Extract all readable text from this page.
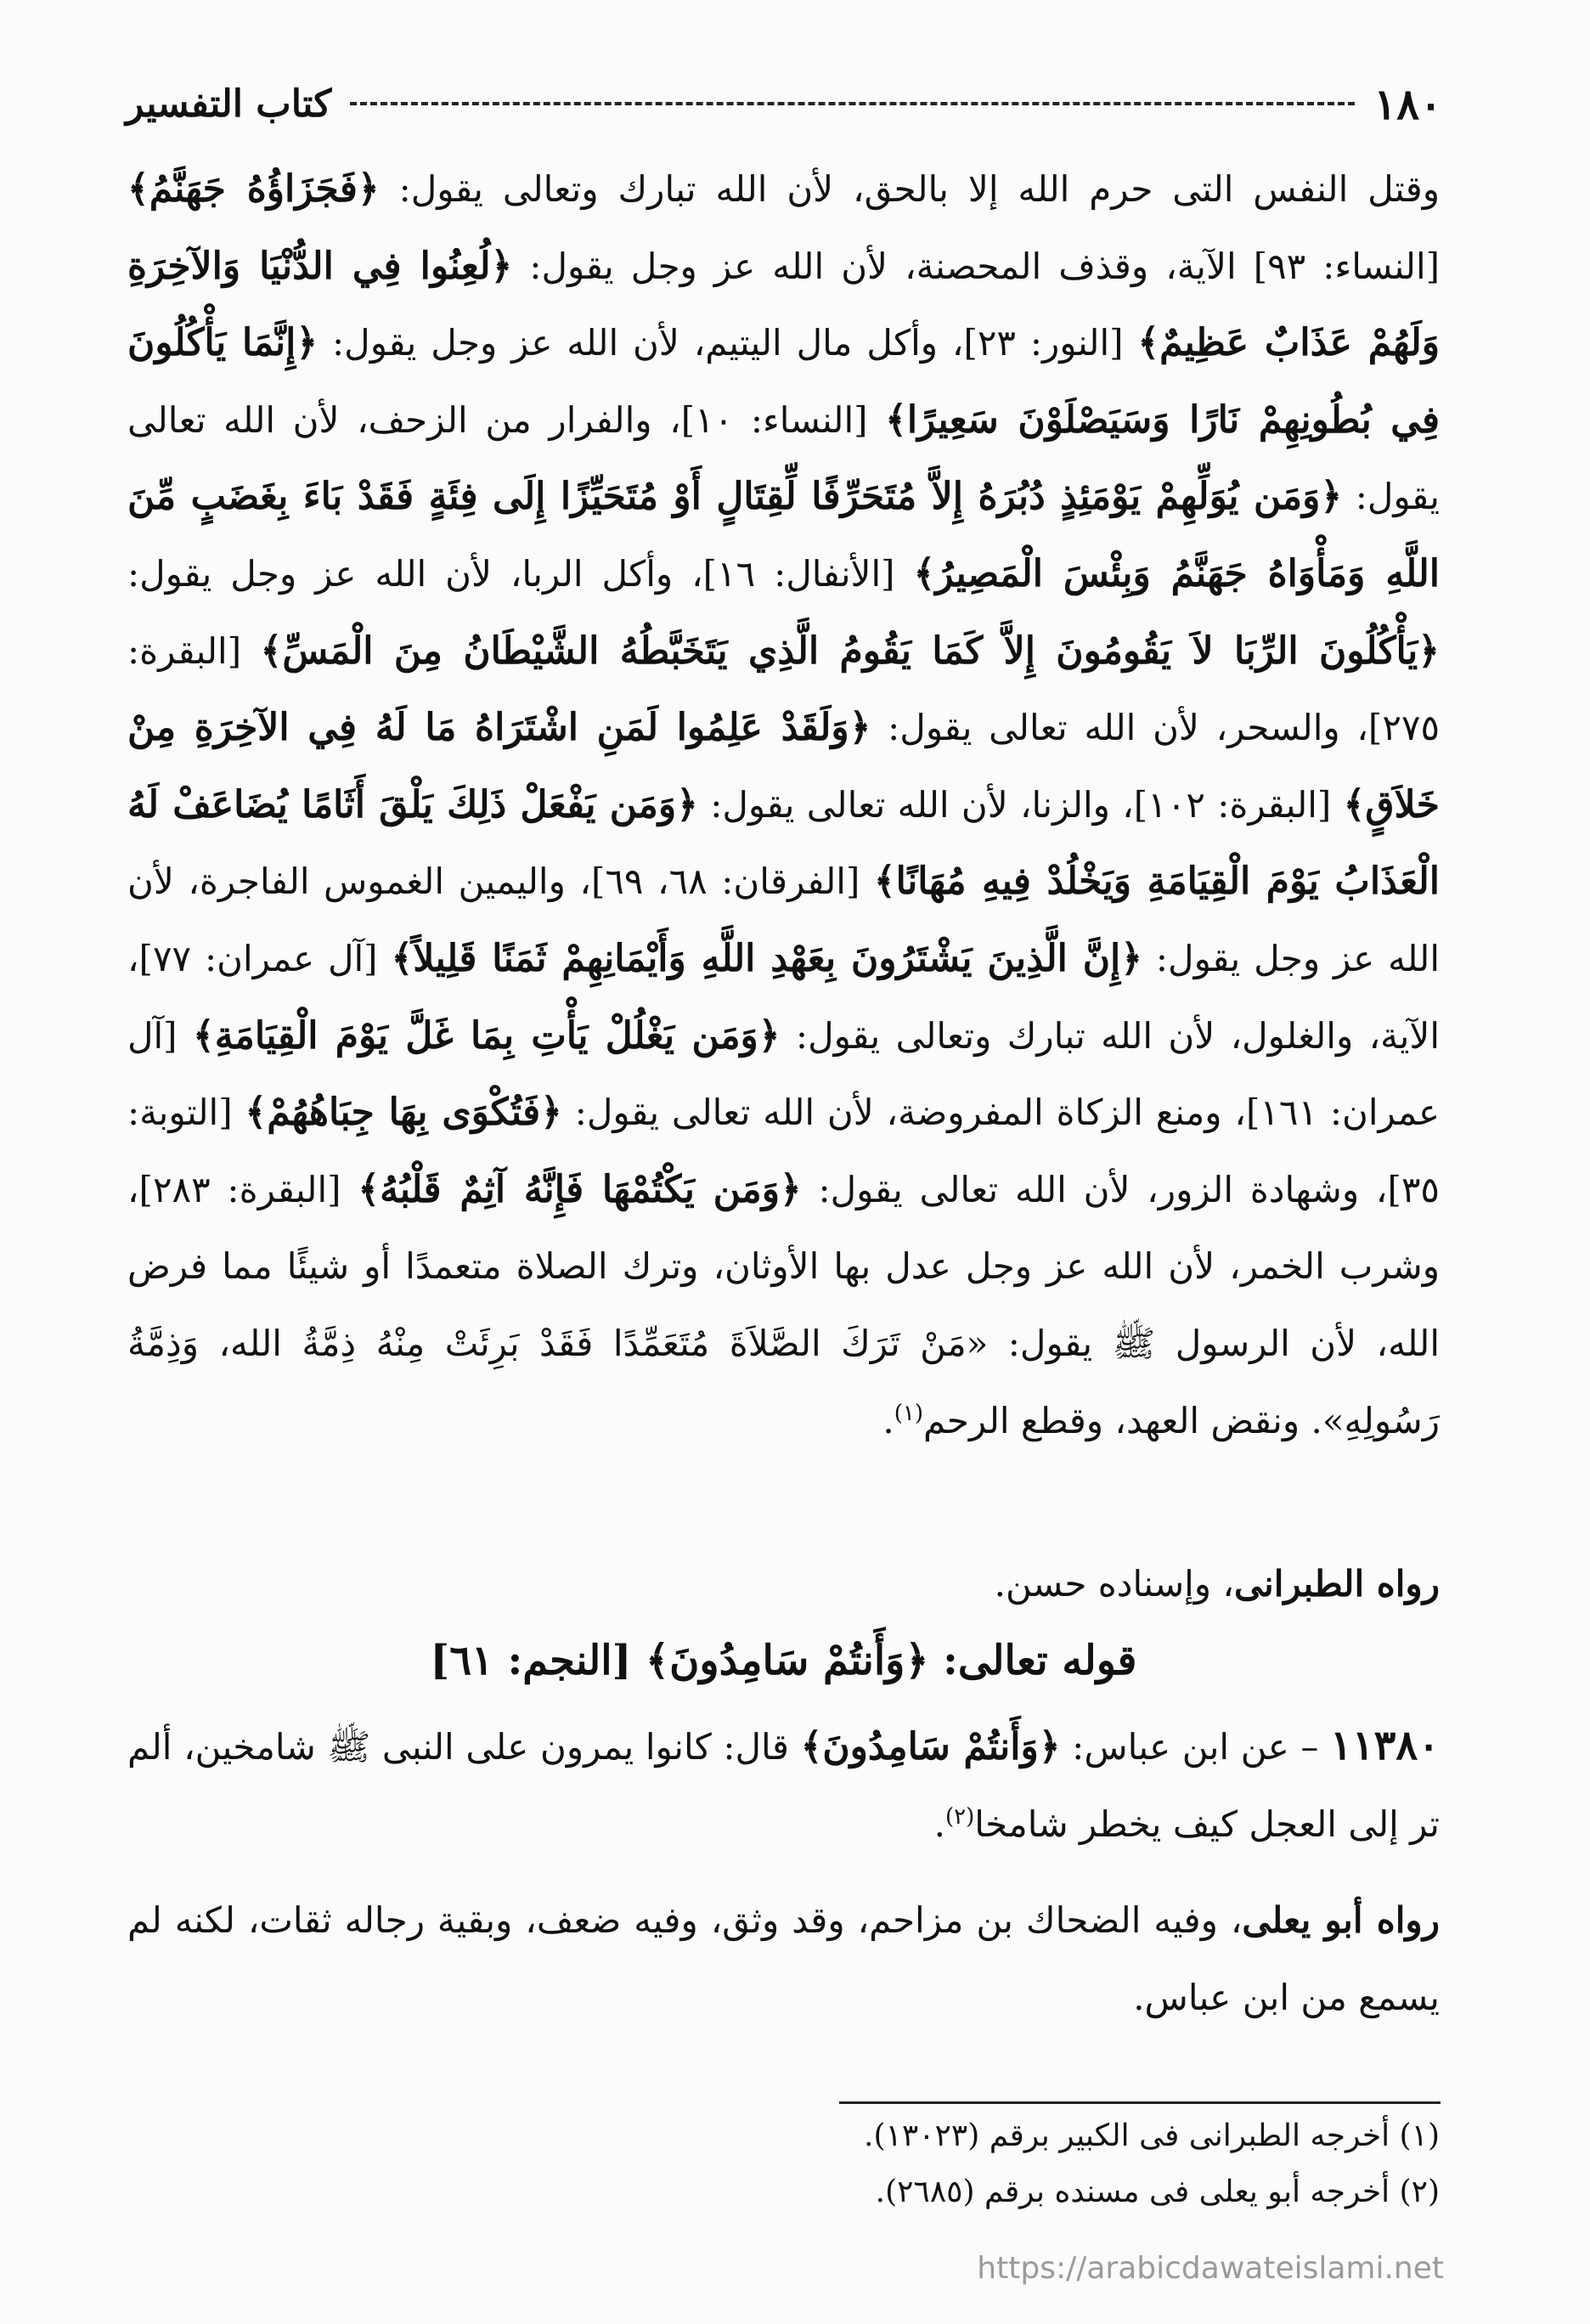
١٨٠
كتاب التفسير

وقتل النفس التى حرم الله إلا بالحق، لأن الله تبارك وتعالى يقول: ﴿فَجَزَاؤُهُ جَهَنَّمُ﴾ [النساء: ٩٣] الآية، وقذف المحصنة، لأن الله عز وجل يقول: ﴿لُعِنُوا فِي الدُّنْيَا وَالآخِرَةِ وَلَهُمْ عَذَابٌ عَظِيمٌ﴾ [النور: ٢٣]، وأكل مال اليتيم، لأن الله عز وجل يقول: ﴿إِنَّمَا يَأْكُلُونَ فِي بُطُونِهِمْ نَارًا وَسَيَصْلَوْنَ سَعِيرًا﴾ [النساء: ١٠]، والفرار من الزحف، لأن الله تعالى يقول: ﴿وَمَن يُوَلِّهِمْ يَوْمَئِذٍ دُبُرَهُ إِلاَّ مُتَحَرِّفًا لِّقِتَالٍ أَوْ مُتَحَيِّزًا إِلَى فِئَةٍ فَقَدْ بَاءَ بِغَضَبٍ مِّنَ اللَّهِ وَمَأْوَاهُ جَهَنَّمُ وَبِئْسَ الْمَصِيرُ﴾ [الأنفال: ١٦]، وأكل الربا، لأن الله عز وجل يقول: ﴿يَأْكُلُونَ الرِّبَا لاَ يَقُومُونَ إِلاَّ كَمَا يَقُومُ الَّذِي يَتَخَبَّطُهُ الشَّيْطَانُ مِنَ الْمَسِّ﴾ [البقرة: ٢٧٥]، والسحر، لأن الله تعالى يقول: ﴿وَلَقَدْ عَلِمُوا لَمَنِ اشْتَرَاهُ مَا لَهُ فِي الآخِرَةِ مِنْ خَلاَقٍ﴾ [البقرة: ١٠٢]، والزنا، لأن الله تعالى يقول: ﴿وَمَن يَفْعَلْ ذَلِكَ يَلْقَ أَثَامًا يُضَاعَفْ لَهُ الْعَذَابُ يَوْمَ الْقِيَامَةِ وَيَخْلُدْ فِيهِ مُهَانًا﴾ [الفرقان: ٦٨، ٦٩]، واليمين الغموس الفاجرة، لأن الله عز وجل يقول: ﴿إِنَّ الَّذِينَ يَشْتَرُونَ بِعَهْدِ اللَّهِ وَأَيْمَانِهِمْ ثَمَنًا قَلِيلاً﴾ [آل عمران: ٧٧]، الآية، والغلول، لأن الله تبارك وتعالى يقول: ﴿وَمَن يَغْلُلْ يَأْتِ بِمَا غَلَّ يَوْمَ الْقِيَامَةِ﴾ [آل عمران: ١٦١]، ومنع الزكاة المفروضة، لأن الله تعالى يقول: ﴿فَتُكْوَى بِهَا جِبَاهُهُمْ﴾ [التوبة: ٣٥]، وشهادة الزور، لأن الله تعالى يقول: ﴿وَمَن يَكْتُمْهَا فَإِنَّهُ آثِمٌ قَلْبُهُ﴾ [البقرة: ٢٨٣]، وشرب الخمر، لأن الله عز وجل عدل بها الأوثان، وترك الصلاة متعمدًا أو شيئًا مما فرض الله، لأن الرسول ﷺ يقول: «مَنْ تَرَكَ الصَّلاَةَ مُتَعَمِّدًا فَقَدْ بَرِئَتْ مِنْهُ ذِمَّةُ الله، وَذِمَّةُ رَسُولِهِ». ونقض العهد، وقطع الرحم$^{(١)}$.

رواه الطبرانى، وإسناده حسن.

قوله تعالى: ﴿وَأَنتُمْ سَامِدُونَ﴾ [النجم: ٦١]

١١٣٨٠ – عن ابن عباس: ﴿وَأَنتُمْ سَامِدُونَ﴾ قال: كانوا يمرون على النبى ﷺ شامخين، ألم تر إلى العجل كيف يخطر شامخا$^{(٢)}$.

رواه أبو يعلى، وفيه الضحاك بن مزاحم، وقد وثق، وفيه ضعف، وبقية رجاله ثقات، لكنه لم يسمع من ابن عباس.

(١) أخرجه الطبرانى فى الكبير برقم (١٣٠٢٣).
(٢) أخرجه أبو يعلى فى مسنده برقم (٢٦٨٥).
https://arabicdawateislami.net
